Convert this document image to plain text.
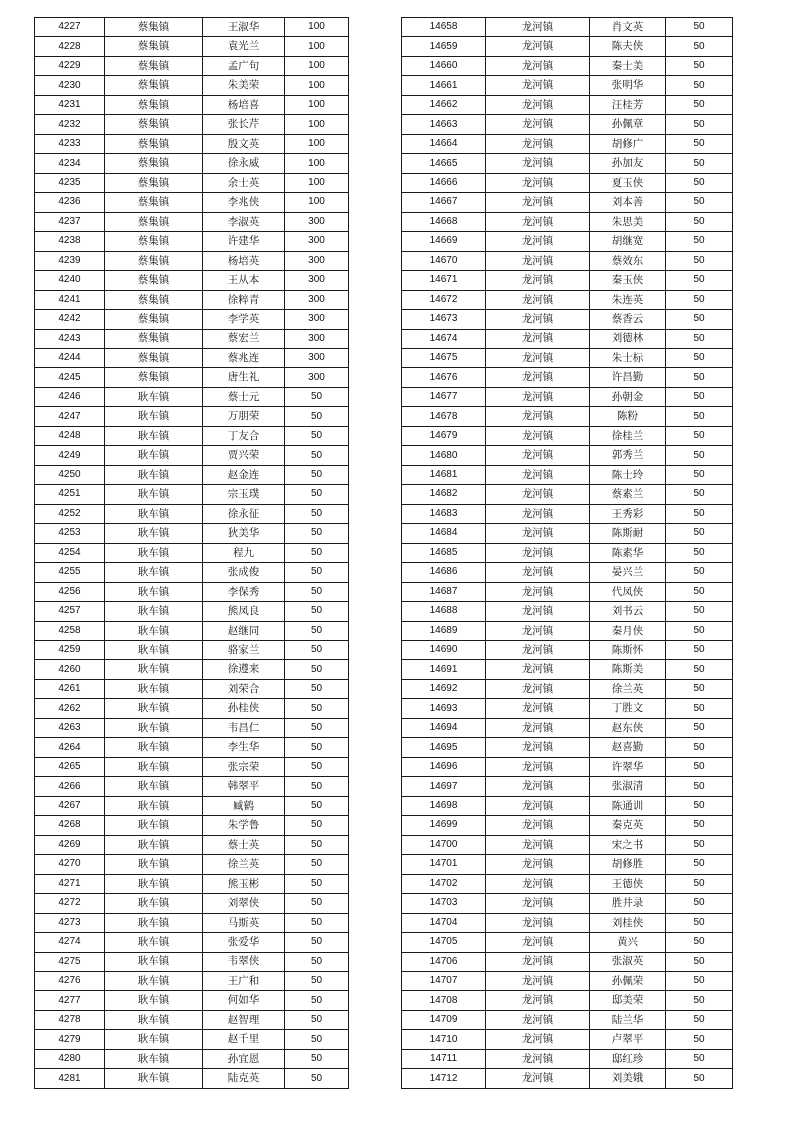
4227	蔡集镇	王淑华	100
4228	蔡集镇	袁光兰	100
4229	蔡集镇	孟广句	100
4230	蔡集镇	朱美荣	100
4231	蔡集镇	杨培喜	100
4232	蔡集镇	张长芹	100
4233	蔡集镇	殷文英	100
4234	蔡集镇	徐永威	100
4235	蔡集镇	余士英	100
4236	蔡集镇	李兆侠	100
4237	蔡集镇	李淑英	300
4238	蔡集镇	许建华	300
4239	蔡集镇	杨培英	300
4240	蔡集镇	王从本	300
4241	蔡集镇	徐粹青	300
4242	蔡集镇	李学英	300
4243	蔡集镇	蔡宏兰	300
4244	蔡集镇	蔡兆连	300
4245	蔡集镇	唐生礼	300
4246	耿车镇	蔡士元	50
4247	耿车镇	万朋荣	50
4248	耿车镇	丁友合	50
4249	耿车镇	贾兴荣	50
4250	耿车镇	赵金连	50
4251	耿车镇	宗玉璞	50
4252	耿车镇	徐永征	50
4253	耿车镇	狄美华	50
4254	耿车镇	程九	50
4255	耿车镇	张成俊	50
4256	耿车镇	李保秀	50
4257	耿车镇	熊凤良	50
4258	耿车镇	赵继同	50
4259	耿车镇	骆家兰	50
4260	耿车镇	徐遵来	50
4261	耿车镇	刘荣合	50
4262	耿车镇	孙桂侠	50
4263	耿车镇	韦昌仁	50
4264	耿车镇	李生华	50
4265	耿车镇	张宗荣	50
4266	耿车镇	韩翠平	50
4267	耿车镇	臧鹤	50
4268	耿车镇	朱学鲁	50
4269	耿车镇	蔡士英	50
4270	耿车镇	徐兰英	50
4271	耿车镇	熊玉彬	50
4272	耿车镇	刘翠侠	50
4273	耿车镇	马斯英	50
4274	耿车镇	张爱华	50
4275	耿车镇	韦翠侠	50
4276	耿车镇	王广和	50
4277	耿车镇	何如华	50
4278	耿车镇	赵智理	50
4279	耿车镇	赵千里	50
4280	耿车镇	孙宜恩	50
4281	耿车镇	陆克英	50
14658	龙河镇	肖文英	50
14659	龙河镇	陈夫侠	50
14660	龙河镇	秦士美	50
14661	龙河镇	张明华	50
14662	龙河镇	汪桂芳	50
14663	龙河镇	孙佩章	50
14664	龙河镇	胡修广	50
14665	龙河镇	孙加友	50
14666	龙河镇	夏玉侠	50
14667	龙河镇	刘本善	50
14668	龙河镇	朱思美	50
14669	龙河镇	胡继宽	50
14670	龙河镇	蔡效东	50
14671	龙河镇	秦玉侠	50
14672	龙河镇	朱连英	50
14673	龙河镇	蔡香云	50
14674	龙河镇	刘德林	50
14675	龙河镇	朱士标	50
14676	龙河镇	许昌勤	50
14677	龙河镇	孙朝金	50
14678	龙河镇	陈粉	50
14679	龙河镇	徐桂兰	50
14680	龙河镇	郭秀兰	50
14681	龙河镇	陈士玲	50
14682	龙河镇	蔡素兰	50
14683	龙河镇	王秀彩	50
14684	龙河镇	陈斯耐	50
14685	龙河镇	陈素华	50
14686	龙河镇	晏兴兰	50
14687	龙河镇	代凤侠	50
14688	龙河镇	刘书云	50
14689	龙河镇	秦月侠	50
14690	龙河镇	陈斯怀	50
14691	龙河镇	陈斯美	50
14692	龙河镇	徐兰英	50
14693	龙河镇	丁胜文	50
14694	龙河镇	赵东侠	50
14695	龙河镇	赵喜勤	50
14696	龙河镇	许翠华	50
14697	龙河镇	张淑清	50
14698	龙河镇	陈通训	50
14699	龙河镇	秦克英	50
14700	龙河镇	宋之书	50
14701	龙河镇	胡修胜	50
14702	龙河镇	王德侠	50
14703	龙河镇	胜井录	50
14704	龙河镇	刘桂侠	50
14705	龙河镇	黄兴	50
14706	龙河镇	张淑英	50
14707	龙河镇	孙佩荣	50
14708	龙河镇	邸美荣	50
14709	龙河镇	陆兰华	50
14710	龙河镇	卢翠平	50
14711	龙河镇	邸红珍	50
14712	龙河镇	刘美娥	50
